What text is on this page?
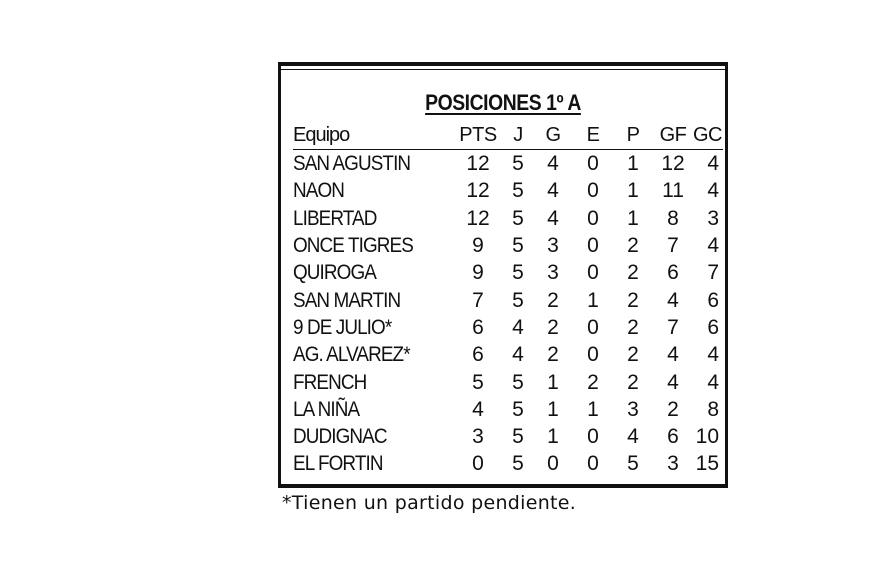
POSICIONES 1º A
Equipo	PTS	J	G	E	P	GF	GC
SAN AGUSTIN	12	5	4	0	1	12	4
NAON	12	5	4	0	1	11	4
LIBERTAD	12	5	4	0	1	8	3
ONCE TIGRES	9	5	3	0	2	7	4
QUIROGA	9	5	3	0	2	6	7
SAN MARTIN	7	5	2	1	2	4	6
9 DE JULIO*	6	4	2	0	2	7	6
AG. ALVAREZ*	6	4	2	0	2	4	4
FRENCH	5	5	1	2	2	4	4
LA NIÑA	4	5	1	1	3	2	8
DUDIGNAC	3	5	1	0	4	6	10
EL FORTIN	0	5	0	0	5	3	15
*Tienen un partido pendiente.
